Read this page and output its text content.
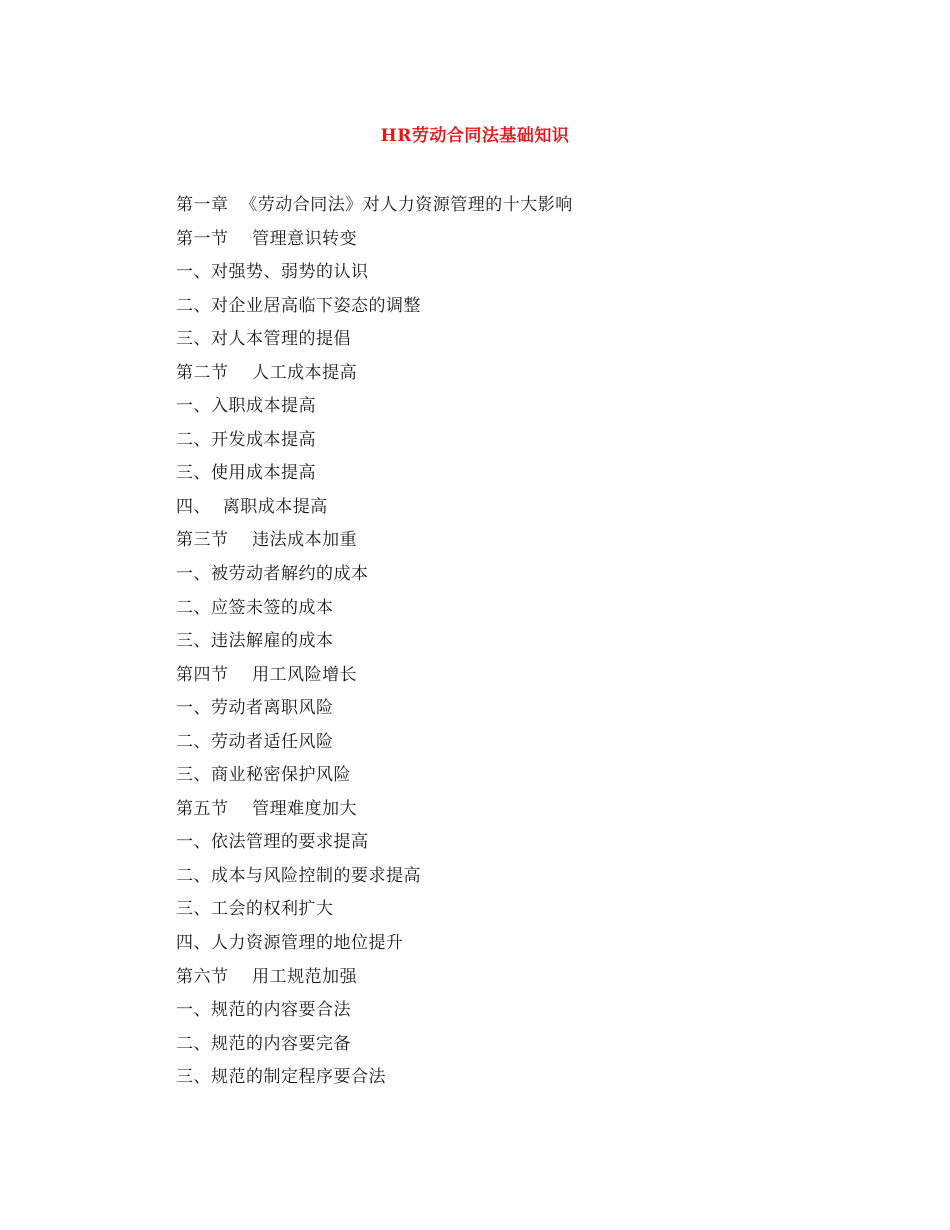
HR劳动合同法基础知识
第一章  《劳动合同法》对人力资源管理的十大影响
第一节    管理意识转变
一、对强势、弱势的认识
二、对企业居高临下姿态的调整
三、对人本管理的提倡
第二节    人工成本提高
一、入职成本提高
二、开发成本提高
三、使用成本提高
四、  离职成本提高
第三节    违法成本加重
一、被劳动者解约的成本
二、应签未签的成本
三、违法解雇的成本
第四节    用工风险增长
一、劳动者离职风险
二、劳动者适任风险
三、商业秘密保护风险
第五节    管理难度加大
一、依法管理的要求提高
二、成本与风险控制的要求提高
三、工会的权利扩大
四、人力资源管理的地位提升
第六节    用工规范加强
一、规范的内容要合法
二、规范的内容要完备
三、规范的制定程序要合法
